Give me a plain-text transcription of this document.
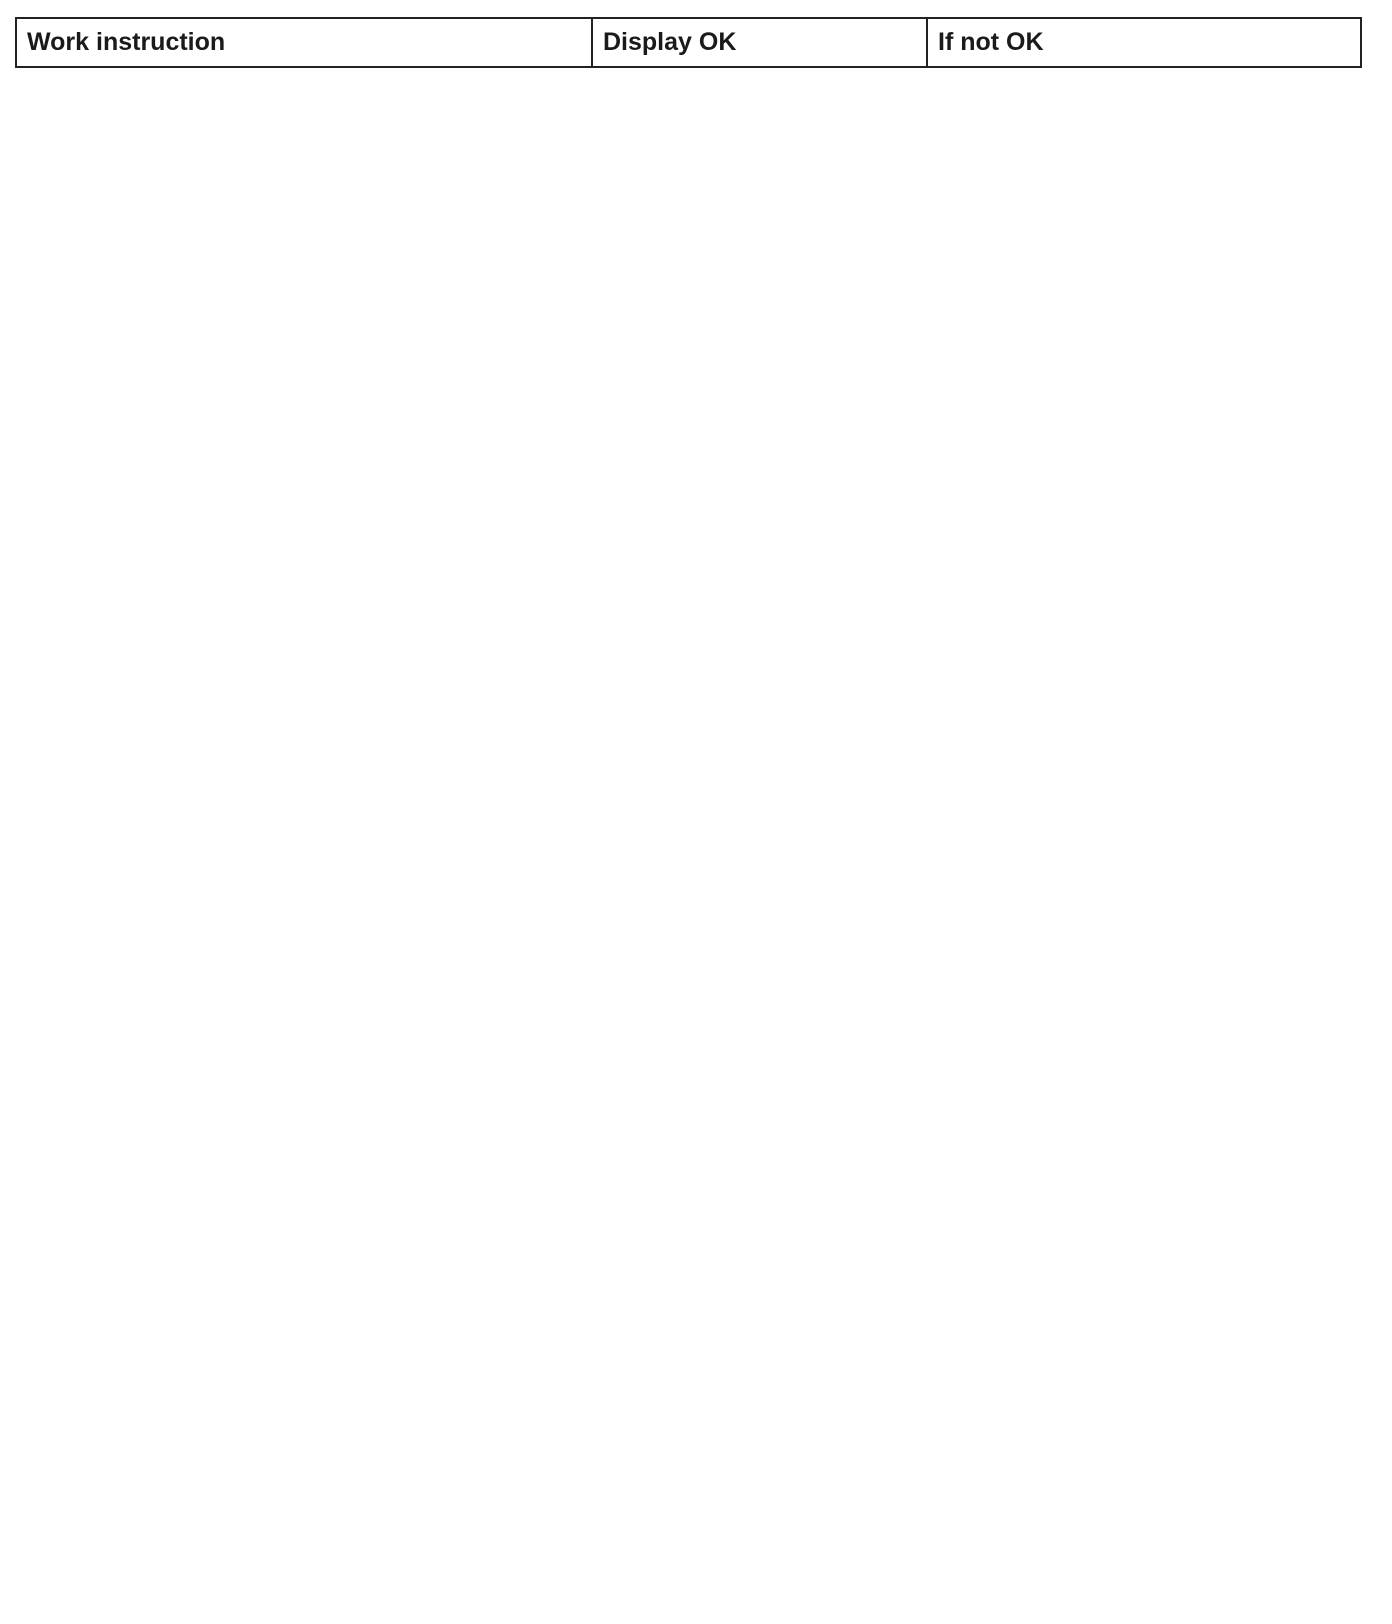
Work instruction	Display OK	If not OK
